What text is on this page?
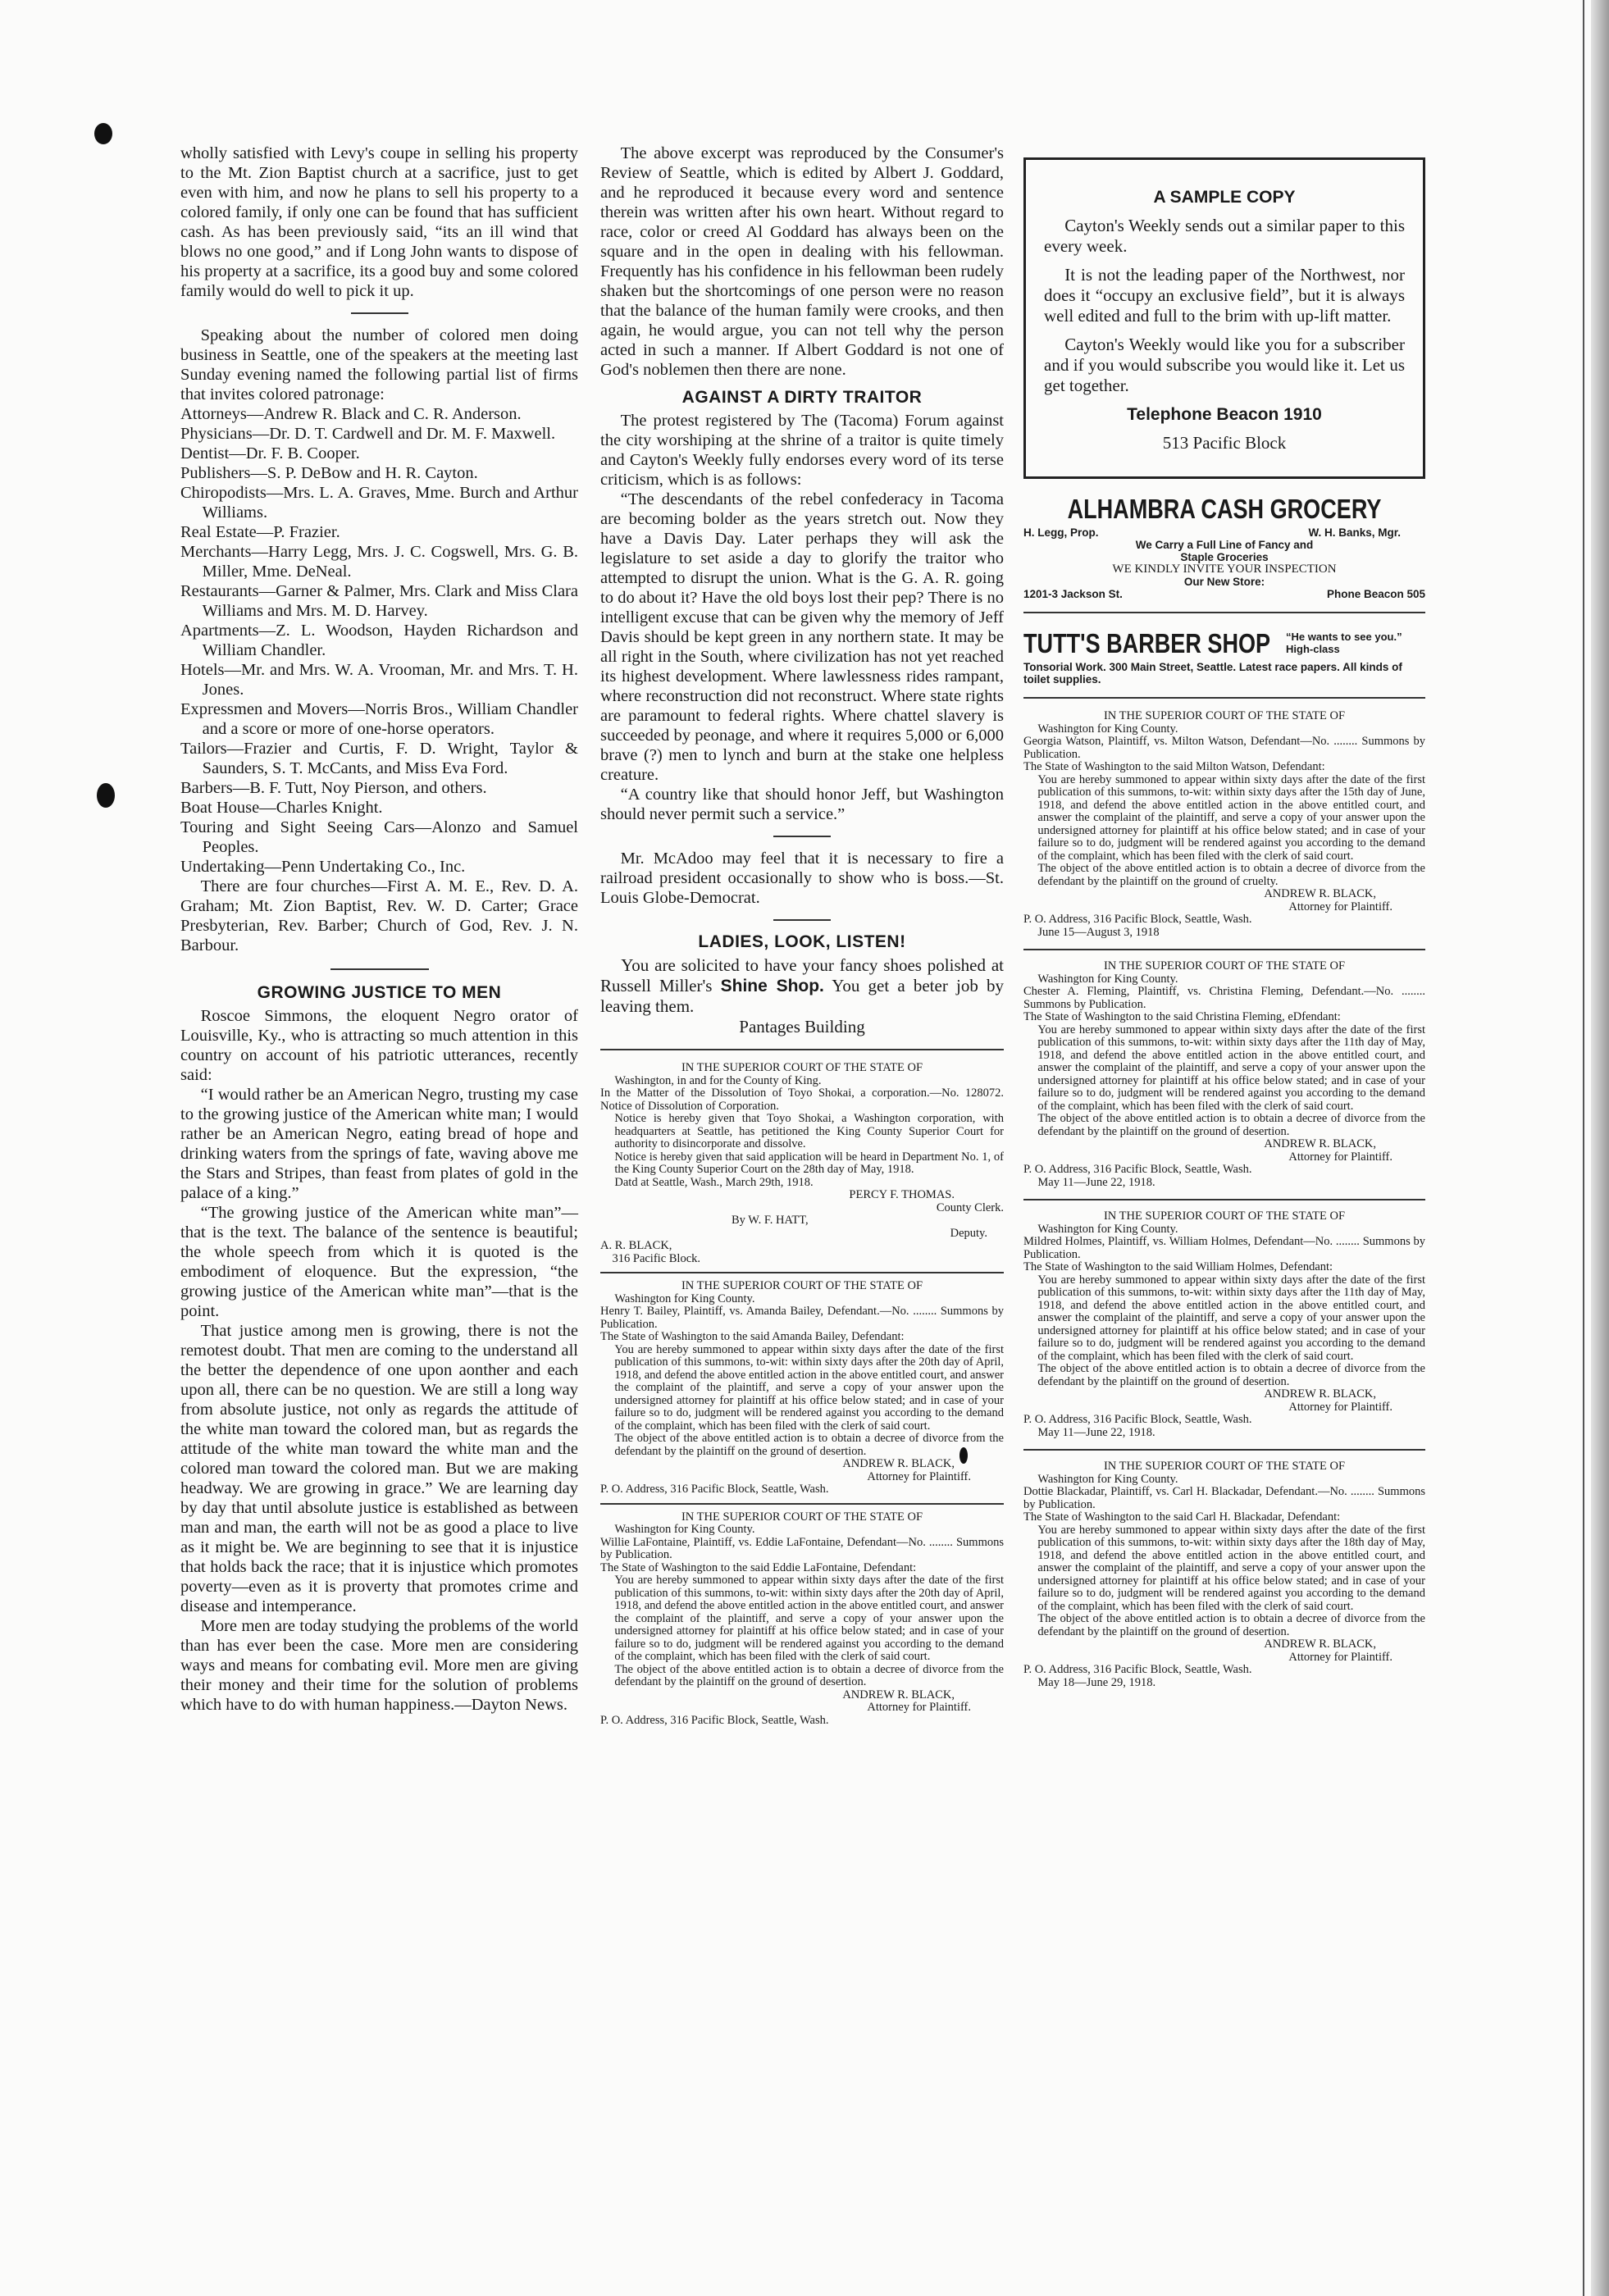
wholly satisfied with Levy's coupe in selling his property to the Mt. Zion Baptist church at a sacrifice, just to get even with him, and now he plans to sell his property to a colored family, if only one can be found that has sufficient cash. As has been previously said, “its an ill wind that blows no one good,” and if Long John wants to dispose of his property at a sacrifice, its a good buy and some colored family would do well to pick it up.

Speaking about the number of colored men doing business in Seattle, one of the speakers at the meeting last Sunday evening named the following partial list of firms that invites colored patronage:

Attorneys—Andrew R. Black and C. R. Anderson.

Physicians—Dr. D. T. Cardwell and Dr. M. F. Maxwell.

Dentist—Dr. F. B. Cooper.

Publishers—S. P. DeBow and H. R. Cayton.

Chiropodists—Mrs. L. A. Graves, Mme. Burch and Arthur Williams.

Real Estate—P. Frazier.

Merchants—Harry Legg, Mrs. J. C. Cogswell, Mrs. G. B. Miller, Mme. DeNeal.

Restaurants—Garner & Palmer, Mrs. Clark and Miss Clara Williams and Mrs. M. D. Harvey.

Apartments—Z. L. Woodson, Hayden Richardson and William Chandler.

Hotels—Mr. and Mrs. W. A. Vrooman, Mr. and Mrs. T. H. Jones.

Expressmen and Movers—Norris Bros., William Chandler and a score or more of one-horse operators.

Tailors—Frazier and Curtis, F. D. Wright, Taylor & Saunders, S. T. McCants, and Miss Eva Ford.

Barbers—B. F. Tutt, Noy Pierson, and others.

Boat House—Charles Knight.

Touring and Sight Seeing Cars—Alonzo and Samuel Peoples.

Undertaking—Penn Undertaking Co., Inc.

There are four churches—First A. M. E., Rev. D. A. Graham; Mt. Zion Baptist, Rev. W. D. Carter; Grace Presbyterian, Rev. Barber; Church of God, Rev. J. N. Barbour.

GROWING JUSTICE TO MEN

Roscoe Simmons, the eloquent Negro orator of Louisville, Ky., who is attracting so much attention in this country on account of his patriotic utterances, recently said:

“I would rather be an American Negro, trusting my case to the growing justice of the American white man; I would rather be an American Negro, eating bread of hope and drinking waters from the springs of fate, waving above me the Stars and Stripes, than feast from plates of gold in the palace of a king.”

“The growing justice of the American white man”—that is the text. The balance of the sentence is beautiful; the whole speech from which it is quoted is the embodiment of eloquence. But the expression, “the growing justice of the American white man”—that is the point.

That justice among men is growing, there is not the remotest doubt. That men are coming to the understand all the better the dependence of one upon aonther and each upon all, there can be no question. We are still a long way from absolute justice, not only as regards the attitude of the white man toward the colored man, but as regards the attitude of the white man toward the white man and the colored man toward the colored man. But we are making headway. We are growing in grace.” We are learning day by day that until absolute justice is established as between man and man, the earth will not be as good a place to live as it might be. We are beginning to see that it is injustice that holds back the race; that it is injustice which promotes poverty—even as it is proverty that promotes crime and disease and intemperance.

More men are today studying the problems of the world than has ever been the case. More men are considering ways and means for combating evil. More men are giving their money and their time for the solution of problems which have to do with human happiness.—Dayton News.

The above excerpt was reproduced by the Consumer's Review of Seattle, which is edited by Albert J. Goddard, and he reproduced it because every word and sentence therein was written after his own heart. Without regard to race, color or creed Al Goddard has always been on the square and in the open in dealing with his fellowman. Frequently has his confidence in his fellowman been rudely shaken but the shortcomings of one person were no reason that the balance of the human family were crooks, and then again, he would argue, you can not tell why the person acted in such a manner. If Albert Goddard is not one of God's noblemen then there are none.

AGAINST A DIRTY TRAITOR

The protest registered by The (Tacoma) Forum against the city worshiping at the shrine of a traitor is quite timely and Cayton's Weekly fully endorses every word of its terse criticism, which is as follows:

“The descendants of the rebel confederacy in Tacoma are becoming bolder as the years stretch out. Now they have a Davis Day. Later perhaps they will ask the legislature to set aside a day to glorify the traitor who attempted to disrupt the union. What is the G. A. R. going to do about it? Have the old boys lost their pep? There is no intelligent excuse that can be given why the memory of Jeff Davis should be kept green in any northern state. It may be all right in the South, where civilization has not yet reached its highest development. Where lawlessness rides rampant, where reconstruction did not reconstruct. Where state rights are paramount to federal rights. Where chattel slavery is succeeded by peonage, and where it requires 5,000 or 6,000 brave (?) men to lynch and burn at the stake one helpless creature.

“A country like that should honor Jeff, but Washington should never permit such a service.”

Mr. McAdoo may feel that it is necessary to fire a railroad president occasionally to show who is boss.—St. Louis Globe-Democrat.

LADIES, LOOK, LISTEN!

You are solicited to have your fancy shoes polished at Russell Miller's Shine Shop. You get a beter job by leaving them.

Pantages Building

IN THE SUPERIOR COURT OF THE STATE OF
Washington, in and for the County of King.
In the Matter of the Dissolution of Toyo Shokai, a corporation.—No. 128072. Notice of Dissolution of Corporation.
Notice is hereby given that Toyo Shokai, a Washington corporation, with headquarters at Seattle, has petitioned the King County Superior Court for authority to disincorporate and dissolve.
Notice is hereby given that said application will be heard in Department No. 1, of the King County Superior Court on the 28th day of May, 1918.
Datd at Seattle, Wash., March 29th, 1918.
PERCY F. THOMAS.
County Clerk.
By W. F. HATT,
Deputy.
A. R. BLACK,
316 Pacific Block.
IN THE SUPERIOR COURT OF THE STATE OF
Washington for King County.
Henry T. Bailey, Plaintiff, vs. Amanda Bailey, Defendant.—No. ........ Summons by Publication.
The State of Washington to the said Amanda Bailey, Defendant:
You are hereby summoned to appear within sixty days after the date of the first publication of this summons, to-wit: within sixty days after the 20th day of April, 1918, and defend the above entitled action in the above entitled court, and answer the complaint of the plaintiff, and serve a copy of your answer upon the undersigned attorney for plaintiff at his office below stated; and in case of your failure so to do, judgment will be rendered against you according to the demand of the complaint, which has been filed with the clerk of said court.
The object of the above entitled action is to obtain a decree of divorce from the defendant by the plaintiff on the ground of desertion.
ANDREW R. BLACK,
Attorney for Plaintiff.
P. O. Address, 316 Pacific Block, Seattle, Wash.
IN THE SUPERIOR COURT OF THE STATE OF
Washington for King County.
Willie LaFontaine, Plaintiff, vs. Eddie LaFontaine, Defendant—No. ........ Summons by Publication.
The State of Washington to the said Eddie LaFontaine, Defendant:
You are hereby summoned to appear within sixty days after the date of the first publication of this summons, to-wit: within sixty days after the 20th day of April, 1918, and defend the above entitled action in the above entitled court, and answer the complaint of the plaintiff, and serve a copy of your answer upon the undersigned attorney for plaintiff at his office below stated; and in case of your failure so to do, judgment will be rendered against you according to the demand of the complaint, which has been filed with the clerk of said court.
The object of the above entitled action is to obtain a decree of divorce from the defendant by the plaintiff on the ground of desertion.
ANDREW R. BLACK,
Attorney for Plaintiff.
P. O. Address, 316 Pacific Block, Seattle, Wash.
A SAMPLE COPY

Cayton's Weekly sends out a similar paper to this every week.

It is not the leading paper of the Northwest, nor does it “occupy an exclusive field”, but it is always well edited and full to the brim with up-lift matter.

Cayton's Weekly would like you for a subscriber and if you would subscribe you would like it. Let us get together.

Telephone Beacon 1910

513 Pacific Block

ALHAMBRA CASH GROCERY
H. Legg, Prop.	W. H. Banks, Mgr.
We Carry a Full Line of Fancy and
Staple Groceries
WE KINDLY INVITE YOUR INSPECTION
Our New Store:
1201-3 Jackson St.	Phone Beacon 505
TUTT'S BARBER SHOP “He wants to see you.” High-class
Tonsorial Work. 300 Main Street, Seattle. Latest race papers. All kinds of toilet supplies.
IN THE SUPERIOR COURT OF THE STATE OF
Washington for King County.
Georgia Watson, Plaintiff, vs. Milton Watson, Defendant—No. ........ Summons by Publication.
The State of Washington to the said Milton Watson, Defendant:
You are hereby summoned to appear within sixty days after the date of the first publication of this summons, to-wit: within sixty days after the 15th day of June, 1918, and defend the above entitled action in the above entitled court, and answer the complaint of the plaintiff, and serve a copy of your answer upon the undersigned attorney for plaintiff at his office below stated; and in case of your failure so to do, judgment will be rendered against you according to the demand of the complaint, which has been filed with the clerk of said court.
The object of the above entitled action is to obtain a decree of divorce from the defendant by the plaintiff on the ground of cruelty.
ANDREW R. BLACK,
Attorney for Plaintiff.
P. O. Address, 316 Pacific Block, Seattle, Wash.
June 15—August 3, 1918
IN THE SUPERIOR COURT OF THE STATE OF
Washington for King County.
Chester A. Fleming, Plaintiff, vs. Christina Fleming, Defendant.—No. ........ Summons by Publication.
The State of Washington to the said Christina Fleming, eDfendant:
You are hereby summoned to appear within sixty days after the date of the first publication of this summons, to-wit: within sixty days after the 11th day of May, 1918, and defend the above entitled action in the above entitled court, and answer the complaint of the plaintiff, and serve a copy of your answer upon the undersigned attorney for plaintiff at his office below stated; and in case of your failure so to do, judgment will be rendered against you according to the demand of the complaint, which has been filed with the clerk of said court.
The object of the above entitled action is to obtain a decree of divorce from the defendant by the plaintiff on the ground of desertion.
ANDREW R. BLACK,
Attorney for Plaintiff.
P. O. Address, 316 Pacific Block, Seattle, Wash.
May 11—June 22, 1918.
IN THE SUPERIOR COURT OF THE STATE OF
Washington for King County.
Mildred Holmes, Plaintiff, vs. William Holmes, Defendant—No. ........ Summons by Publication.
The State of Washington to the said William Holmes, Defendant:
You are hereby summoned to appear within sixty days after the date of the first publication of this summons, to-wit: within sixty days after the 11th day of May, 1918, and defend the above entitled action in the above entitled court, and answer the complaint of the plaintiff, and serve a copy of your answer upon the undersigned attorney for plaintiff at his office below stated; and in case of your failure so to do, judgment will be rendered against you according to the demand of the complaint, which has been filed with the clerk of said court.
The object of the above entitled action is to obtain a decree of divorce from the defendant by the plaintiff on the ground of desertion.
ANDREW R. BLACK,
Attorney for Plaintiff.
P. O. Address, 316 Pacific Block, Seattle, Wash.
May 11—June 22, 1918.
IN THE SUPERIOR COURT OF THE STATE OF
Washington for King County.
Dottie Blackadar, Plaintiff, vs. Carl H. Blackadar, Defendant.—No. ........ Summons by Publication.
The State of Washington to the said Carl H. Blackadar, Defendant:
You are hereby summoned to appear within sixty days after the date of the first publication of this summons, to-wit: within sixty days after the 18th day of May, 1918, and defend the above entitled action in the above entitled court, and answer the complaint of the plaintiff, and serve a copy of your answer upon the undersigned attorney for plaintiff at his office below stated; and in case of your failure so to do, judgment will be rendered against you according to the demand of the complaint, which has been filed with the clerk of said court.
The object of the above entitled action is to obtain a decree of divorce from the defendant by the plaintiff on the ground of desertion.
ANDREW R. BLACK,
Attorney for Plaintiff.
P. O. Address, 316 Pacific Block, Seattle, Wash.
May 18—June 29, 1918.
